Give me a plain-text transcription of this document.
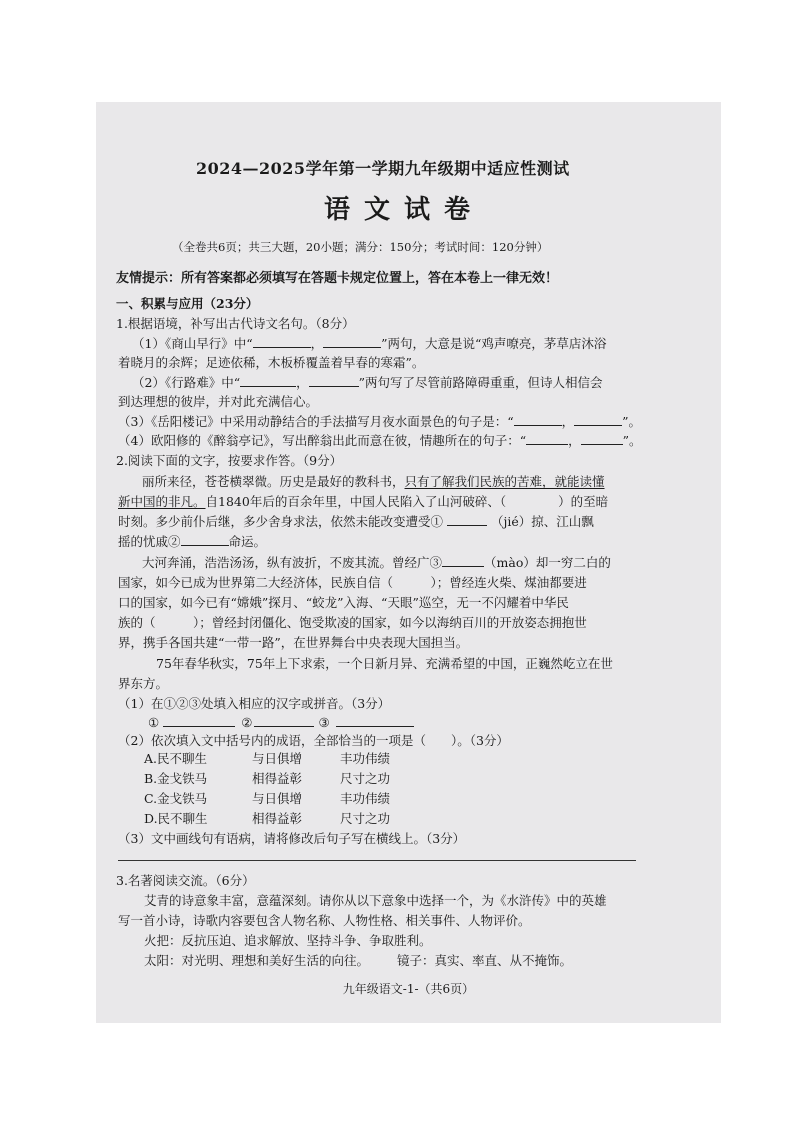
2024—2025学年第一学期九年级期中适应性测试
语文试卷
（全卷共6页；共三大题，20小题；满分：150分；考试时间：120分钟）
友情提示：所有答案都必须填写在答题卡规定位置上，答在本卷上一律无效！
一、积累与应用（23分）
1.根据语境，补写出古代诗文名句。（8分）
（1）《商山早行》中“	，	”两句，大意是说“鸡声嘹亮，茅草店沐浴
着晓月的余辉；足迹依稀，木板桥覆盖着早春的寒霜”。
（2）《行路难》中“	，	”两句写了尽管前路障碍重重，但诗人相信会
到达理想的彼岸，并对此充满信心。
（3）《岳阳楼记》中采用动静结合的手法描写月夜水面景色的句子是：“	，	”。
（4）欧阳修的《醉翁亭记》，写出醉翁出此而意在彼，情趣所在的句子：“	，	”。
2.阅读下面的文字，按要求作答。（9分）
丽所来径，苍苍横翠微。历史是最好的教科书，只有了解我们民族的苦难，就能读懂
新中国的非凡。自1840年后的百余年里，中国人民陷入了山河破碎、（	）的至暗
时刻。多少前仆后继，多少舍身求法，依然未能改变遭受①	（jié）掠、江山飘
摇的忧戚②	命运。
大河奔涌，浩浩汤汤，纵有波折，不废其流。曾经广③	（mào）却一穷二白的
国家，如今已成为世界第二大经济体，民族自信（　　　）；曾经连火柴、煤油都要进
口的国家，如今已有“嫦娥”探月、“蛟龙”入海、“天眼”巡空，无一不闪耀着中华民
族的（　　　）；曾经封闭僵化、饱受欺凌的国家，如今以海纳百川的开放姿态拥抱世
界，携手各国共建“一带一路”，在世界舞台中央表现大国担当。
75年春华秋实，75年上下求索，一个日新月异、充满希望的中国，正巍然屹立在世
界东方。
（1）在①②③处填入相应的汉字或拼音。（3分）
①	②	③
（2）依次填入文中括号内的成语，全部恰当的一项是（　　）。（3分）
A.民不聊生	与日俱增	丰功伟绩
B.金戈铁马	相得益彰	尺寸之功
C.金戈铁马	与日俱增	丰功伟绩
D.民不聊生	相得益彰	尺寸之功
（3）文中画线句有语病，请将修改后句子写在横线上。（3分）
3.名著阅读交流。（6分）
艾青的诗意象丰富，意蕴深刻。请你从以下意象中选择一个，为《水浒传》中的英雄
写一首小诗，诗歌内容要包含人物名称、人物性格、相关事件、人物评价。
火把：反抗压迫、追求解放、坚持斗争、争取胜利。
太阳：对光明、理想和美好生活的向往。 镜子：真实、率直、从不掩饰。
九年级语文-1-（共6页）
